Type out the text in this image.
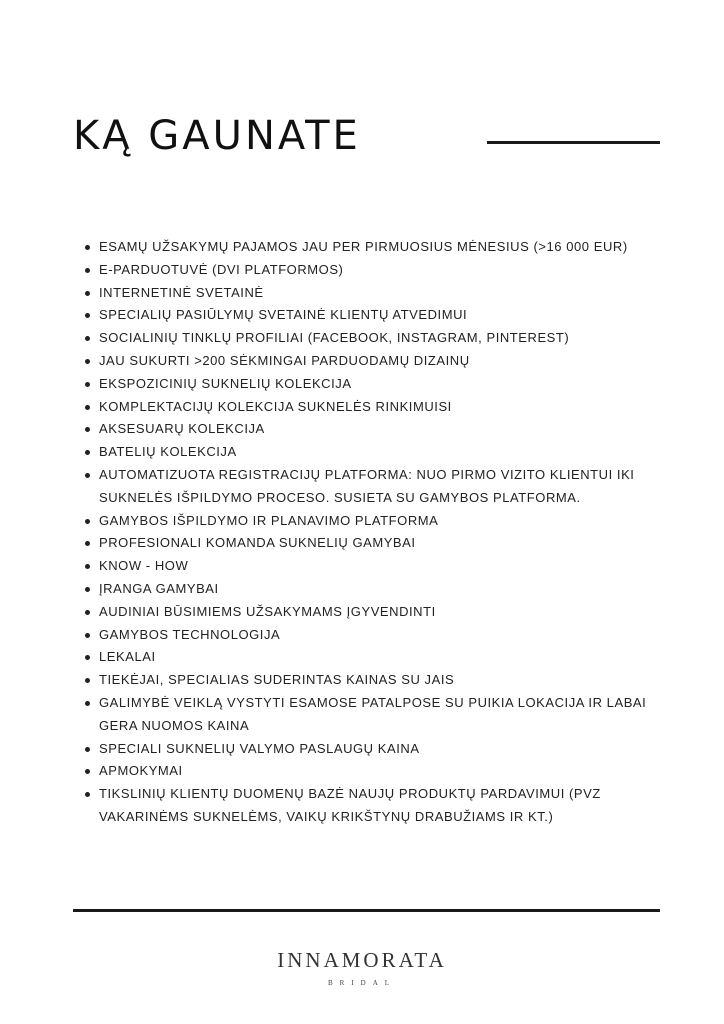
KĄ GAUNATE
ESAMŲ UŽSAKYMŲ PAJAMOS JAU PER PIRMUOSIUS MĖNESIUS (>16 000 EUR)
E-PARDUOTUVĖ (DVI PLATFORMOS)
INTERNETINĖ SVETAINĖ
SPECIALIŲ PASIŪLYMŲ SVETAINĖ KLIENTŲ ATVEDIMUI
SOCIALINIŲ TINKLŲ PROFILIAI (FACEBOOK, INSTAGRAM, PINTEREST)
JAU SUKURTI >200 SĖKMINGAI PARDUODAMŲ DIZAINŲ
EKSPOZICINIŲ SUKNELIŲ KOLEKCIJA
KOMPLEKTACIJŲ KOLEKCIJA SUKNELĖS RINKIMUISI
AKSESUARŲ KOLEKCIJA
BATELIŲ KOLEKCIJA
AUTOMATIZUOTA REGISTRACIJŲ PLATFORMA: NUO PIRMO VIZITO KLIENTUI IKI SUKNELĖS IŠPILDYMO PROCESO. SUSIETA SU GAMYBOS PLATFORMA.
GAMYBOS IŠPILDYMO IR PLANAVIMO PLATFORMA
PROFESIONALI KOMANDA SUKNELIŲ GAMYBAI
KNOW - HOW
ĮRANGA GAMYBAI
AUDINIAI BŪSIMIEMS UŽSAKYMAMS ĮGYVENDINTI
GAMYBOS TECHNOLOGIJA
LEKALAI
TIEKĖJAI, SPECIALIAS SUDERINTAS KAINAS SU JAIS
GALIMYBĖ VEIKLĄ VYSTYTI ESAMOSE PATALPOSE SU PUIKIA LOKACIJA IR LABAI GERA NUOMOS KAINA
SPECIALI SUKNELIŲ VALYMO PASLAUGŲ KAINA
APMOKYMAI
TIKSLINIŲ KLIENTŲ DUOMENŲ BAZĖ NAUJŲ PRODUKTŲ PARDAVIMUI (PVZ VAKARINĖMS SUKNELĖMS, VAIKŲ KRIKŠTYNŲ DRABUŽIAMS IR KT.)
INNAMORATA
BRIDAL
